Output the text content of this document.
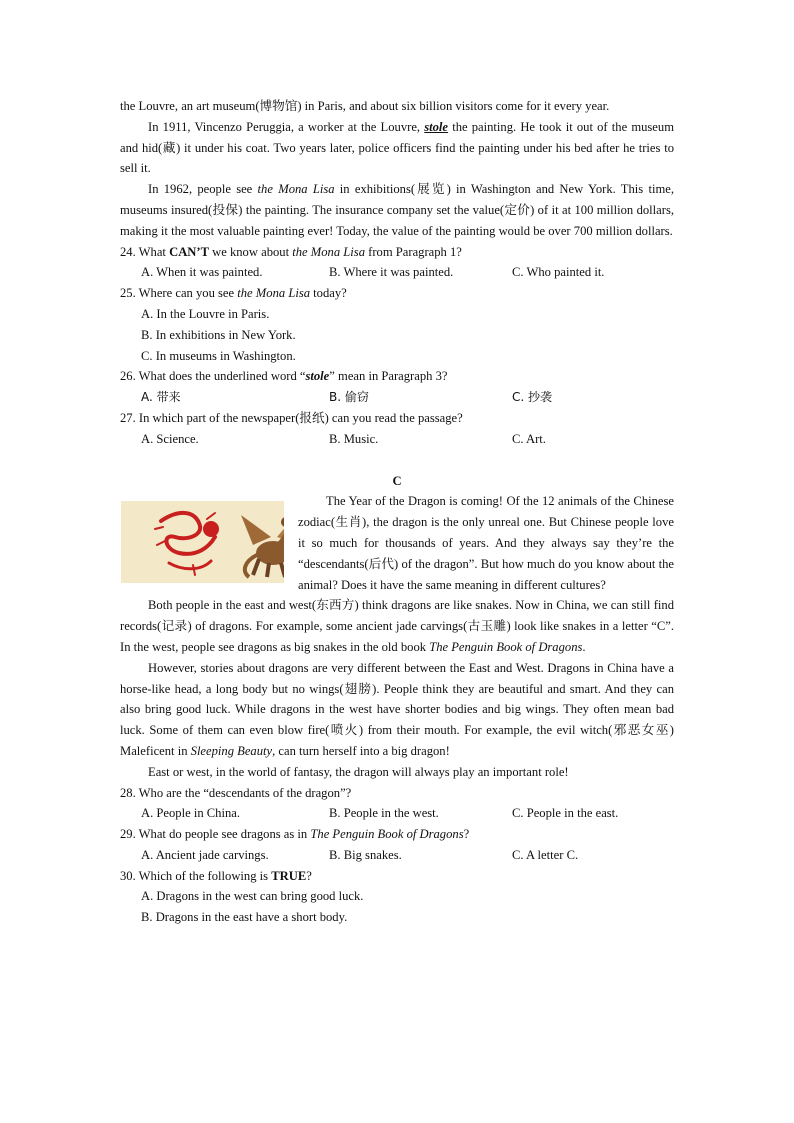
the Louvre, an art museum(博物馆) in Paris, and about six billion visitors come for it every year.

In 1911, Vincenzo Peruggia, a worker at the Louvre, stole the painting. He took it out of the museum and hid(藏) it under his coat. Two years later, police officers find the painting under his bed after he tries to sell it.

In 1962, people see the Mona Lisa in exhibitions(展览) in Washington and New York. This time, museums insured(投保) the painting. The insurance company set the value(定价) of it at 100 million dollars, making it the most valuable painting ever! Today, the value of the painting would be over 700 million dollars.

24. What CAN’T we know about the Mona Lisa from Paragraph 1?

A. When it was painted.	B. Where it was painted.	C. Who painted it.

25. Where can you see the Mona Lisa today?

A. In the Louvre in Paris.

B. In exhibitions in New York.

C. In museums in Washington.

26. What does the underlined word “stole” mean in Paragraph 3?

A. 带来	B. 偷窃	C. 抄袭

27. In which part of the newspaper(报纸) can you read the passage?

A. Science.	B. Music.	C. Art.

C

The Year of the Dragon is coming! Of the 12 animals of the Chinese zodiac(生肖), the dragon is the only unreal one. But Chinese people love it so much for thousands of years. And they always say they’re the “descendants(后代) of the dragon”. But how much do you know about the animal? Does it have the same meaning in different cultures?

Both people in the east and west(东西方) think dragons are like snakes. Now in China, we can still find records(记录) of dragons. For example, some ancient jade carvings(古玉雕) look like snakes in a letter “C”. In the west, people see dragons as big snakes in the old book The Penguin Book of Dragons.

However, stories about dragons are very different between the East and West. Dragons in China have a horse-like head, a long body but no wings(翅膀). People think they are beautiful and smart. And they can also bring good luck. While dragons in the west have shorter bodies and big wings. They often mean bad luck. Some of them can even blow fire(喷火) from their mouth. For example, the evil witch(邪恶女巫) Maleficent in Sleeping Beauty, can turn herself into a big dragon!

East or west, in the world of fantasy, the dragon will always play an important role!

28. Who are the “descendants of the dragon”?

A. People in China.	B. People in the west.	C. People in the east.

29. What do people see dragons as in The Penguin Book of Dragons?

A. Ancient jade carvings.	B. Big snakes.	C. A letter C.

30. Which of the following is TRUE?

A. Dragons in the west can bring good luck.

B. Dragons in the east have a short body.
